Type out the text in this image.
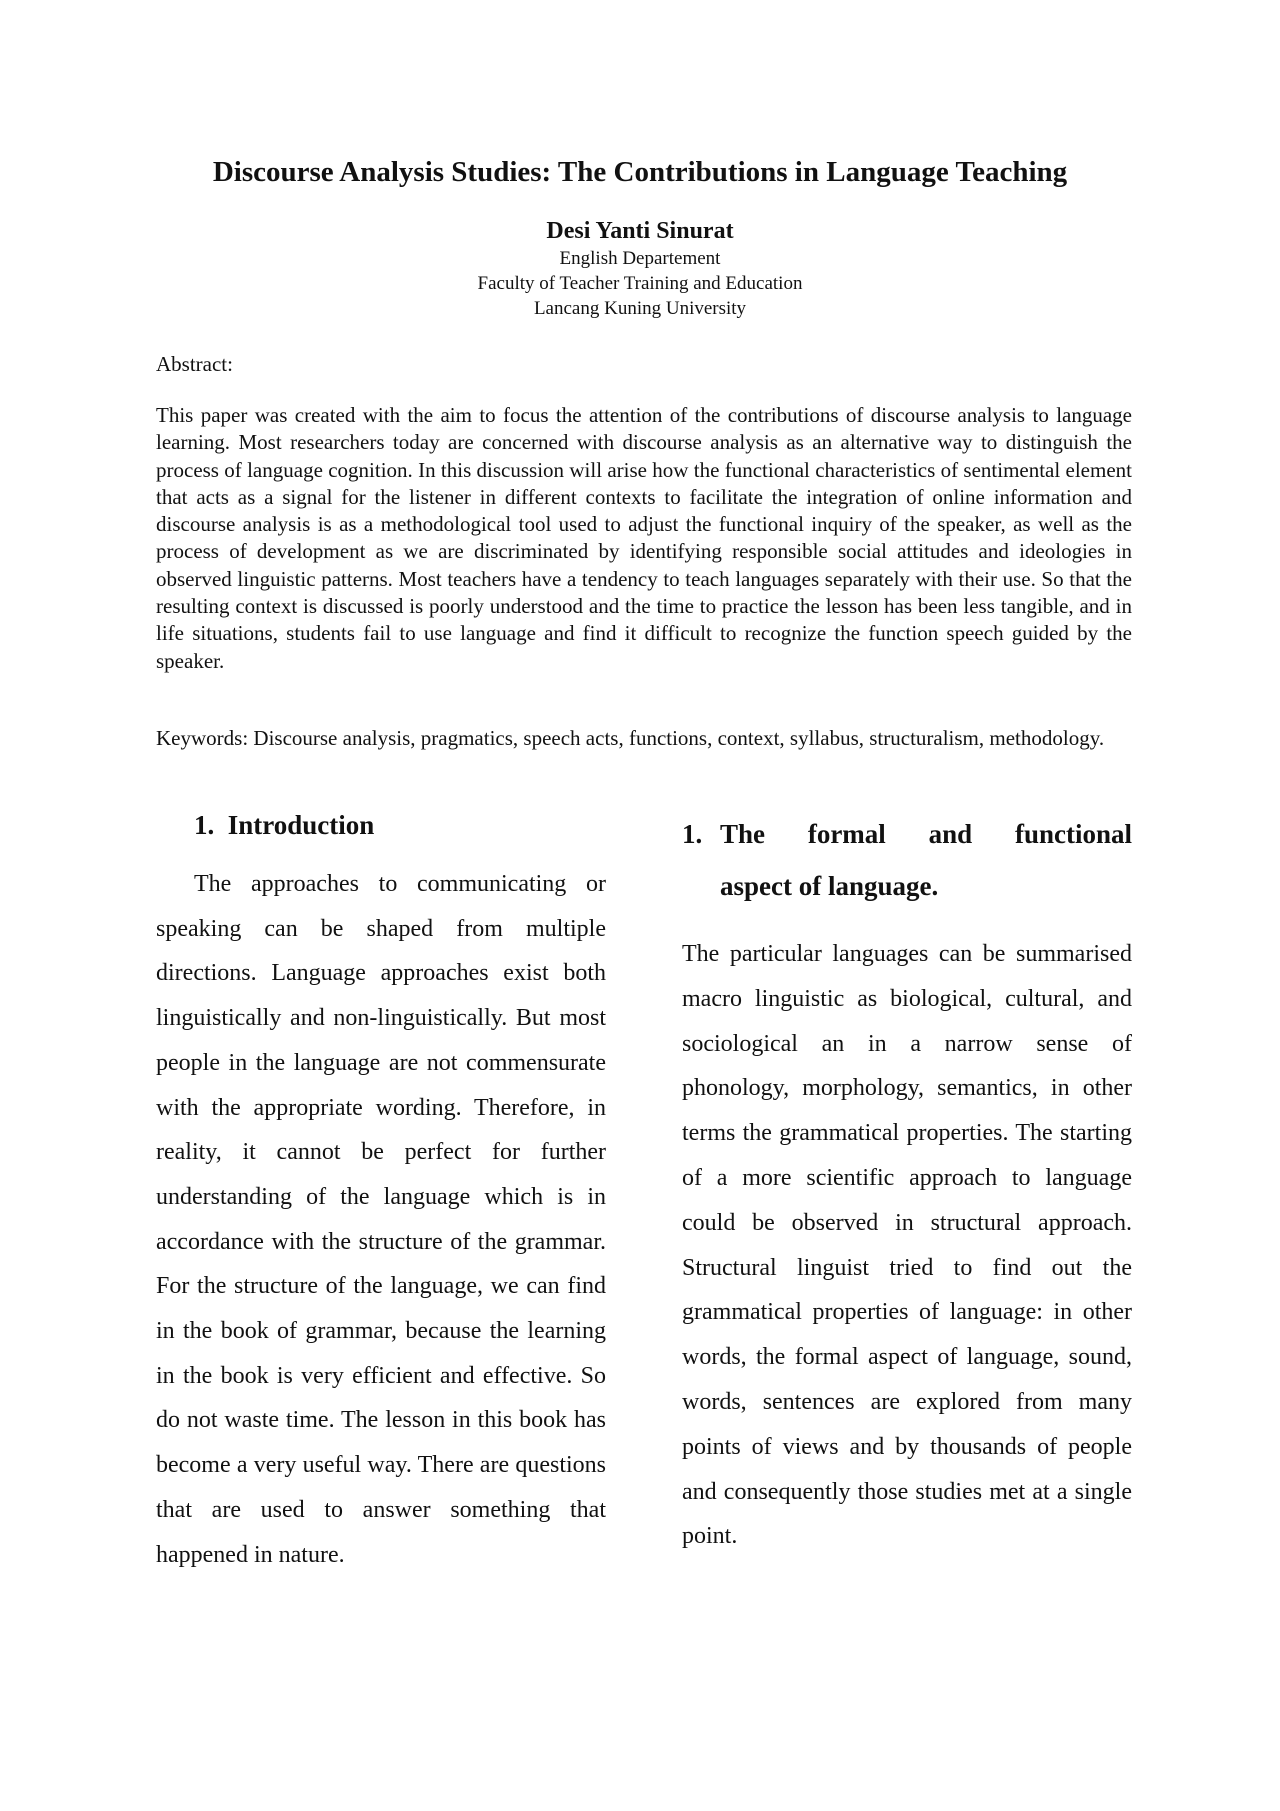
Discourse Analysis Studies: The Contributions in Language Teaching
Desi Yanti Sinurat
English Departement
Faculty of Teacher Training and Education
Lancang Kuning University
Abstract:

This paper was created with the aim to focus the attention of the contributions of discourse analysis to language learning. Most researchers today are concerned with discourse analysis as an alternative way to distinguish the process of language cognition. In this discussion will arise how the functional characteristics of sentimental element that acts as a signal for the listener in different contexts to facilitate the integration of online information and discourse analysis is as a methodological tool used to adjust the functional inquiry of the speaker, as well as the process of development as we are discriminated by identifying responsible social attitudes and ideologies in observed linguistic patterns. Most teachers have a tendency to teach languages separately with their use. So that the resulting context is discussed is poorly understood and the time to practice the lesson has been less tangible, and in life situations, students fail to use language and find it difficult to recognize the function speech guided by the speaker.

Keywords: Discourse analysis, pragmatics, speech acts, functions, context, syllabus, structuralism, methodology.

1. Introduction

The approaches to communicating or speaking can be shaped from multiple directions. Language approaches exist both linguistically and non-linguistically. But most people in the language are not commensurate with the appropriate wording. Therefore, in reality, it cannot be perfect for further understanding of the language which is in accordance with the structure of the grammar. For the structure of the language, we can find in the book of grammar, because the learning in the book is very efficient and effective. So do not waste time. The lesson in this book has become a very useful way. There are questions that are used to answer something that happened in nature.

1. The formal and functional
aspect of language.

The particular languages can be summarised macro linguistic as biological, cultural, and sociological an in a narrow sense of phonology, morphology, semantics, in other terms the grammatical properties. The starting of a more scientific approach to language could be observed in structural approach. Structural linguist tried to find out the grammatical properties of language: in other words, the formal aspect of language, sound, words, sentences are explored from many points of views and by thousands of people and consequently those studies met at a single point.
